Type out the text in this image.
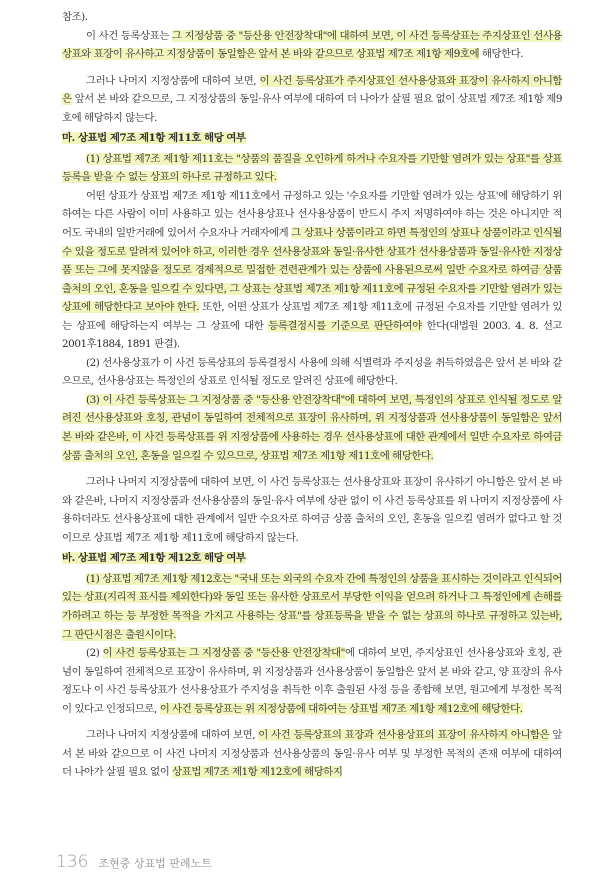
참조).

이 사건 등록상표는 그 지정상품 중 "등산용 안전장착대"에 대하여 보면, 이 사건 등록상표는 주지상표인 선사용상표와 표장이 유사하고 지정상품이 동일함은 앞서 본 바와 같으므로 상표법 제7조 제1항 제9호에 해당한다.

그러나 나머지 지정상품에 대하여 보면, 이 사건 등록상표가 주지상표인 선사용상표와 표장이 유사하지 아니함은 앞서 본 바와 같으므로, 그 지정상품의 동일·유사 여부에 대하여 더 나아가 살필 필요 없이 상표법 제7조 제1항 제9호에 해당하지 않는다.

마. 상표법 제7조 제1항 제11호 해당 여부

(1) 상표법 제7조 제1항 제11호는 "상품의 품질을 오인하게 하거나 수요자를 기만할 염려가 있는 상표"를 상표등록을 받을 수 없는 상표의 하나로 규정하고 있다.

어떤 상표가 상표법 제7조 제1항 제11호에서 규정하고 있는 '수요자를 기만할 염려가 있는 상표'에 해당하기 위하여는 다른 사람이 이미 사용하고 있는 선사용상표나 선사용상품이 반드시 주지 저명하여야 하는 것은 아니지만 적어도 국내의 일반거래에 있어서 수요자나 거래자에게 그 상표나 상품이라고 하면 특정인의 상표나 상품이라고 인식될 수 있을 정도로 알려져 있어야 하고, 이러한 경우 선사용상표와 동일·유사한 상표가 선사용상품과 동일·유사한 지정상품 또는 그에 못지않을 정도로 경제적으로 밀접한 견련관계가 있는 상품에 사용된으로써 일반 수요자로 하여금 상품 출처의 오인, 혼동을 일으킬 수 있다면, 그 상표는 상표법 제7조 제1항 제11호에 규정된 수요자를 기만할 염려가 있는 상표에 해당한다고 보아야 한다. 또한, 어떤 상표가 상표법 제7조 제1항 제11호에 규정된 수요자를 기만할 염려가 있는 상표에 해당하는지 여부는 그 상표에 대한 등록결정시를 기준으로 판단하여야 한다(대법원 2003. 4. 8. 선고 2001후1884, 1891 판결).

(2) 선사용상표가 이 사건 등록상표의 등록결정시 사용에 의해 식별력과 주지성을 취득하였음은 앞서 본 바와 같으므로, 선사용상표는 특정인의 상표로 인식될 정도로 알려진 상표에 해당한다.

(3) 이 사건 등록상표는 그 지정상품 중 "등산용 안전장착대"에 대하여 보면, 특정인의 상표로 인식될 정도로 알려진 선사용상표와 호칭, 관념이 동일하여 전체적으로 표장이 유사하며, 위 지정상품과 선사용상품이 동일함은 앞서 본 바와 같은바, 이 사건 등록상표를 위 지정상품에 사용하는 경우 선사용상표에 대한 관계에서 일반 수요자로 하여금 상품 출처의 오인, 혼동을 일으킬 수 있으므로, 상표법 제7조 제1항 제11호에 해당한다.

그러나 나머지 지정상품에 대하여 보면, 이 사건 등록상표는 선사용상표와 표장이 유사하기 아니함은 앞서 본 바와 같은바, 나머지 지정상품과 선사용상품의 동일·유사 여부에 상관 없이 이 사건 등록상표를 위 나머지 지정상품에 사용하더라도 선사용상표에 대한 관계에서 일반 수요자로 하여금 상품 출처의 오인, 혼동을 일으킬 염려가 없다고 할 것이므로 상표법 제7조 제1항 제11호에 해당하지 않는다.

바. 상표법 제7조 제1항 제12호 해당 여부

(1) 상표법 제7조 제1항 제12호는 "국내 또는 외국의 수요자 간에 특정인의 상품을 표시하는 것이라고 인식되어 있는 상표(지리적 표시를 제외한다)와 동일 또는 유사한 상표로서 부당한 이익을 얻으려 하거나 그 특정인에게 손해를 가하려고 하는 등 부정한 목적을 가지고 사용하는 상표"를 상표등록을 받을 수 없는 상표의 하나로 규정하고 있는바, 그 판단시점은 출원시이다.

(2) 이 사건 등록상표는 그 지정상품 중 "등산용 안전장착대"에 대하여 보면, 주지상표인 선사용상표와 호칭, 관념이 동일하여 전체적으로 표장이 유사하며, 위 지정상품과 선사용상품이 동일함은 앞서 본 바와 같고, 양 표장의 유사 정도나 이 사건 등록상표가 선사용상표가 주지성을 취득한 이후 출원된 사정 등을 종합해 보면, 원고에게 부정한 목적이 있다고 인정되므로, 이 사건 등록상표는 위 지정상품에 대하여는 상표법 제7조 제1항 제12호에 해당한다.

그러나 나머지 지정상품에 대하여 보면, 이 사건 등록상표의 표장과 선사용상표의 표장이 유사하지 아니함은 앞서 본 바와 같으므로 이 사건 나머지 지정상품과 선사용상품의 동일·유사 여부 및 부정한 목적의 존재 여부에 대하여 더 나아가 살필 필요 없이 상표법 제7조 제1항 제12호에 해당하지

136 조현중 상표법 판례노트
